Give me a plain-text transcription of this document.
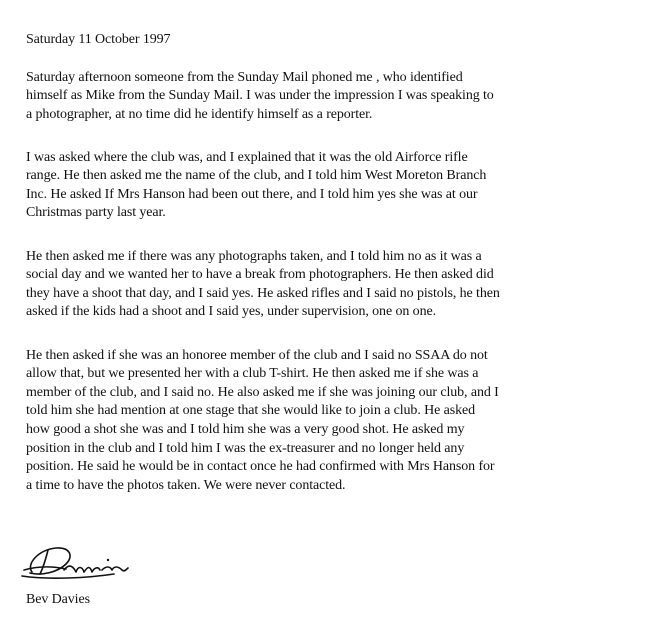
Saturday 11 October 1997
Saturday afternoon someone from the Sunday Mail phoned me , who identified
himself as Mike from the Sunday Mail. I was under the impression I was speaking to
a photographer, at no time did he identify himself as a reporter.
I was asked where the club was, and I explained that it was the old Airforce rifle
range. He then asked me the name of the club, and I told him West Moreton Branch
Inc. He asked If Mrs Hanson had been out there, and I told him yes she was at our
Christmas party last year.
He then asked me if there was any photographs taken, and I told him no as it was a
social day and we wanted her to have a break from photographers. He then asked did
they have a shoot that day, and I said yes. He asked rifles and I said no pistols, he then
asked if the kids had a shoot and I said yes, under supervision, one on one.
He then asked if she was an honoree member of the club and I said no SSAA do not
allow that, but we presented her with a club T-shirt. He then asked me if she was a
member of the club, and I said no. He also asked me if she was joining our club, and I
told him she had mention at one stage that she would like to join a club. He asked
how good a shot she was and I told him she was a very good shot. He asked my
position in the club and I told him I was the ex-treasurer and no longer held any
position. He said he would be in contact once he had confirmed with Mrs Hanson for
a time to have the photos taken. We were never contacted.
Bev Davies
